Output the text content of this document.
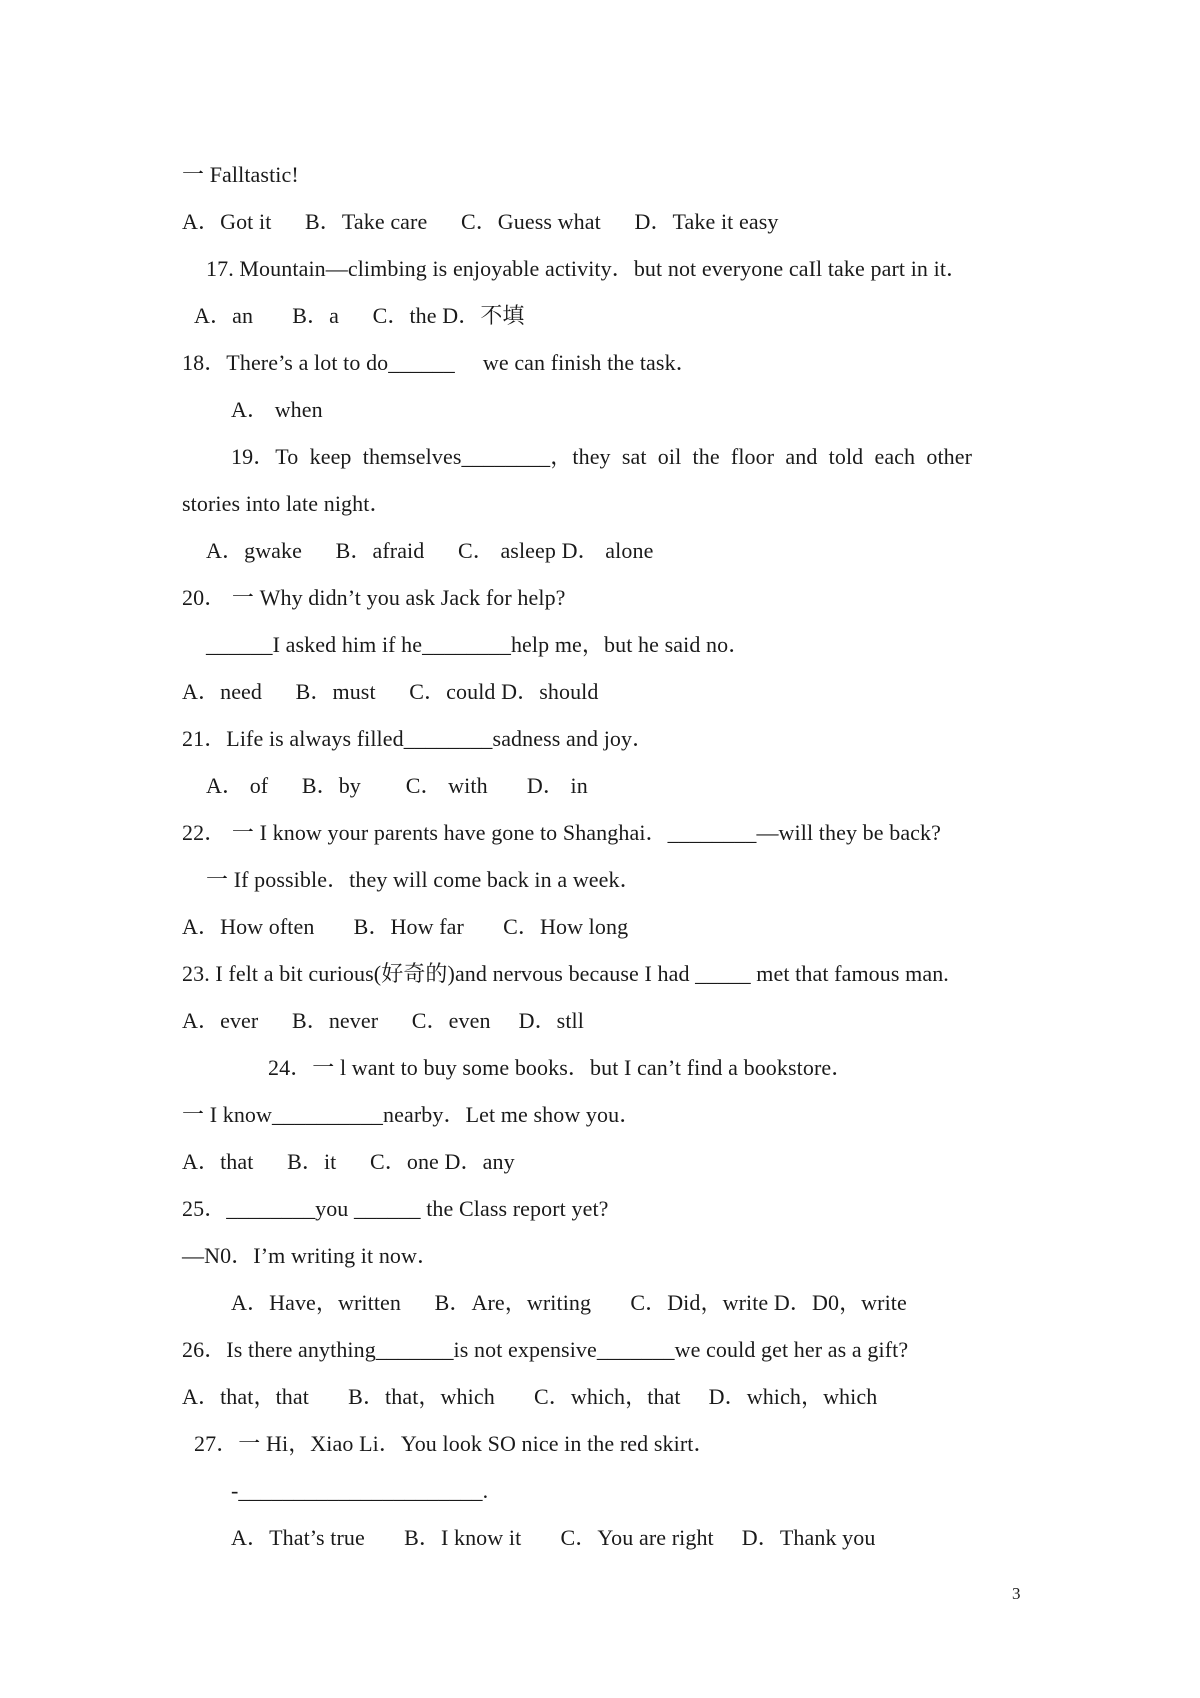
一 Falltastic!
A．Got it      B．Take care      C．Guess what      D．Take it easy
17. Mountain—climbing is enjoyable activity．but not everyone caIl take part in it．
A．an       B．a      C．the D．不填
18．There’s a lot to do______     we can finish the task．
A． when
19．To  keep  themselves________，they  sat  oil  the  floor  and  told  each  other
stories into late night．
A．gwake      B．afraid      C． asleep D． alone
20． 一 Why didn’t you ask Jack for help?
______I asked him if he________help me，but he said no．
A．need      B．must      C．could D．should
21．Life is always filled________sadness and joy．
A． of      B．by        C． with       D． in
22． 一 I know your parents have gone to Shanghai．________—will they be back?
一 If possible．they will come back in a week．
A．How often       B．How far       C．How long
23. I felt a bit curious(好奇的)and nervous because I had _____ met that famous man.
A．ever      B．never      C．even     D．stll
24．一 l want to buy some books．but I can’t find a bookstore．
一 I know__________nearby．Let me show you．
A．that      B．it      C．one D．any
25．________you ______ the Class report yet?
—N0．I’m writing it now．
A．Have，written      B．Are，writing       C．Did，write D．D0，write
26．Is there anything_______is not expensive_______we could get her as a gift?
A．that，that       B．that，which       C．which，that     D．which，which
27．一 Hi，Xiao Li．You look SO nice in the red skirt．
-______________________.
A．That’s true       B．I know it       C．You are right     D．Thank you
3
